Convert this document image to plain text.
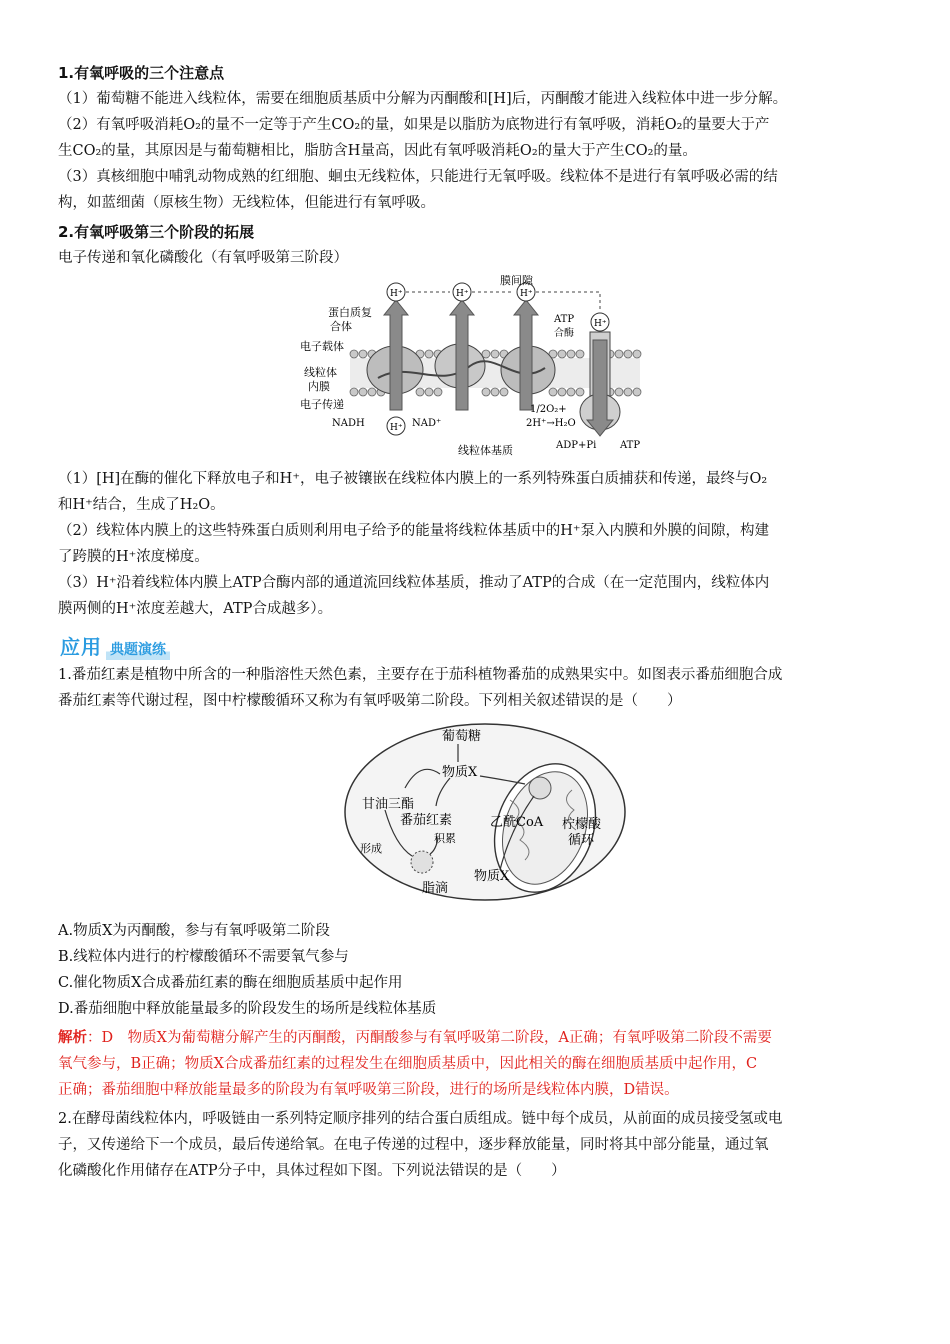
1.有氧呼吸的三个注意点
（1）葡萄糖不能进入线粒体，需要在细胞质基质中分解为丙酮酸和[H]后，丙酮酸才能进入线粒体中进一步分解。
（2）有氧呼吸消耗O₂的量不一定等于产生CO₂的量，如果是以脂肪为底物进行有氧呼吸，消耗O₂的量要大于产
生CO₂的量，其原因是与葡萄糖相比，脂肪含H量高，因此有氧呼吸消耗O₂的量大于产生CO₂的量。
（3）真核细胞中哺乳动物成熟的红细胞、蛔虫无线粒体，只能进行无氧呼吸。线粒体不是进行有氧呼吸必需的结
构，如蓝细菌（原核生物）无线粒体，但能进行有氧呼吸。
2.有氧呼吸第三个阶段的拓展
电子传递和氧化磷酸化（有氧呼吸第三阶段）
H⁺	H⁺	H⁺
H⁺
H⁺
膜间隙
蛋白质复
合体
电子载体
线粒体
内膜
电子传递
NADH	NAD⁺
ATP
合酶
1/2O₂+
2H⁺→H₂O
线粒体基质	ADP+Pi ATP
（1）[H]在酶的催化下释放电子和H⁺，电子被镶嵌在线粒体内膜上的一系列特殊蛋白质捕获和传递，最终与O₂
和H⁺结合，生成了H₂O。
（2）线粒体内膜上的这些特殊蛋白质则利用电子给予的能量将线粒体基质中的H⁺泵入内膜和外膜的间隙，构建
了跨膜的H⁺浓度梯度。
（3）H⁺沿着线粒体内膜上ATP合酶内部的通道流回线粒体基质，推动了ATP的合成（在一定范围内，线粒体内
膜两侧的H⁺浓度差越大，ATP合成越多）。
应用 典题演练
1.番茄红素是植物中所含的一种脂溶性天然色素，主要存在于茄科植物番茄的成熟果实中。如图表示番茄细胞合成
番茄红素等代谢过程，图中柠檬酸循环又称为有氧呼吸第二阶段。下列相关叙述错误的是（　　）
葡萄糖
物质X
甘油三酯
番茄红素
积累
形成
脂滴
乙酰CoA
物质X
柠檬酸
循环
A.物质X为丙酮酸，参与有氧呼吸第二阶段
B.线粒体内进行的柠檬酸循环不需要氧气参与
C.催化物质X合成番茄红素的酶在细胞质基质中起作用
D.番茄细胞中释放能量最多的阶段发生的场所是线粒体基质
解析：D　物质X为葡萄糖分解产生的丙酮酸，丙酮酸参与有氧呼吸第二阶段，A正确；有氧呼吸第二阶段不需要
氧气参与，B正确；物质X合成番茄红素的过程发生在细胞质基质中，因此相关的酶在细胞质基质中起作用，C
正确；番茄细胞中释放能量最多的阶段为有氧呼吸第三阶段，进行的场所是线粒体内膜，D错误。
2.在酵母菌线粒体内，呼吸链由一系列特定顺序排列的结合蛋白质组成。链中每个成员，从前面的成员接受氢或电
子，又传递给下一个成员，最后传递给氧。在电子传递的过程中，逐步释放能量，同时将其中部分能量，通过氧
化磷酸化作用储存在ATP分子中，具体过程如下图。下列说法错误的是（　　）
